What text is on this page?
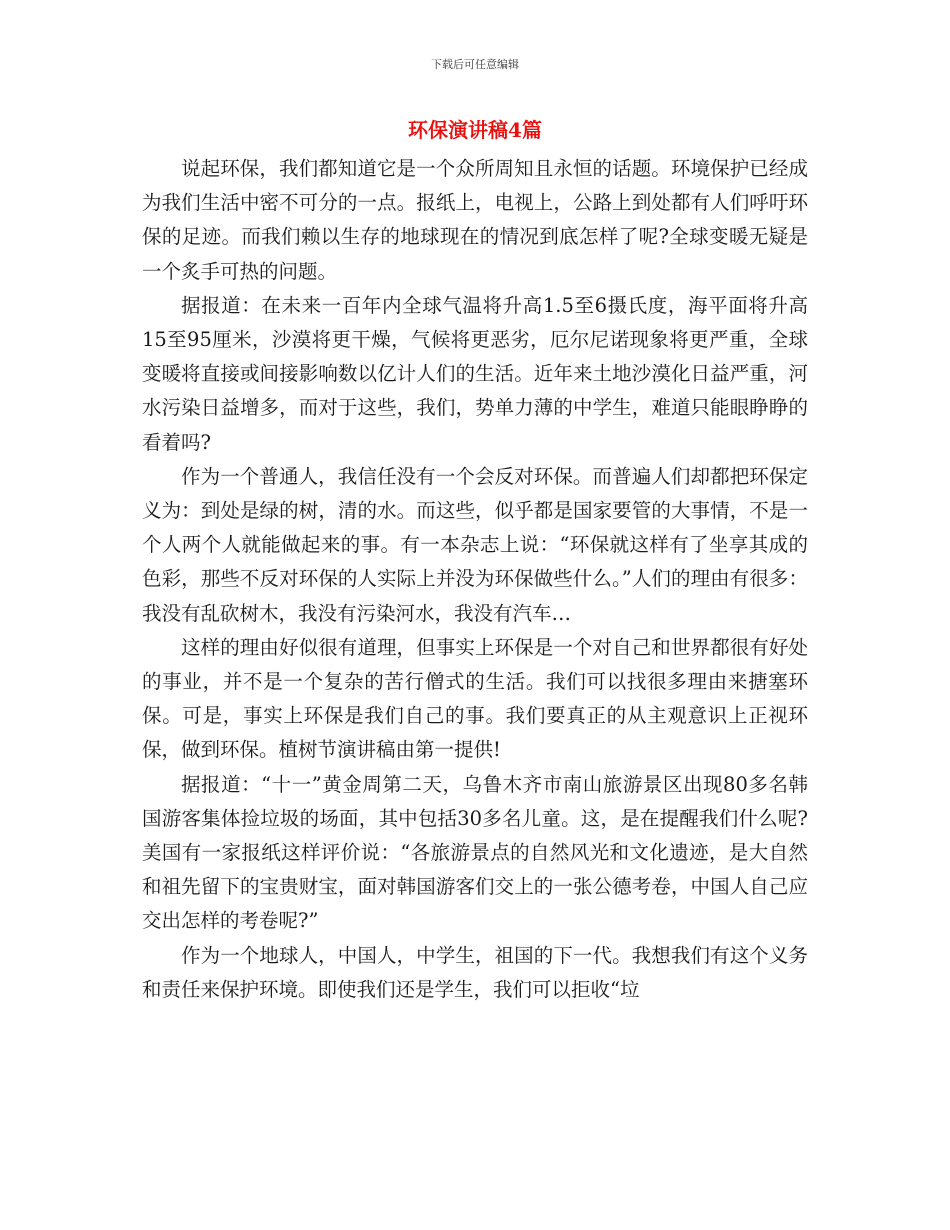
下载后可任意编辑
环保演讲稿4篇

说起环保，我们都知道它是一个众所周知且永恒的话题。环境保护已经成为我们生活中密不可分的一点。报纸上，电视上，公路上到处都有人们呼吁环保的足迹。而我们赖以生存的地球现在的情况到底怎样了呢?全球变暖无疑是一个炙手可热的问题。

据报道：在未来一百年内全球气温将升高1.5至6摄氏度，海平面将升高15至95厘米，沙漠将更干燥，气候将更恶劣，厄尔尼诺现象将更严重，全球变暖将直接或间接影响数以亿计人们的生活。近年来土地沙漠化日益严重，河水污染日益增多，而对于这些，我们，势单力薄的中学生，难道只能眼睁睁的看着吗?

作为一个普通人，我信任没有一个会反对环保。而普遍人们却都把环保定义为：到处是绿的树，清的水。而这些，似乎都是国家要管的大事情，不是一个人两个人就能做起来的事。有一本杂志上说：“环保就这样有了坐享其成的色彩，那些不反对环保的人实际上并没为环保做些什么。”人们的理由有很多：我没有乱砍树木，我没有污染河水，我没有汽车…

这样的理由好似很有道理，但事实上环保是一个对自己和世界都很有好处的事业，并不是一个复杂的苦行僧式的生活。我们可以找很多理由来搪塞环保。可是，事实上环保是我们自己的事。我们要真正的从主观意识上正视环保，做到环保。植树节演讲稿由第一提供!

据报道：“十一”黄金周第二天，乌鲁木齐市南山旅游景区出现80多名韩国游客集体捡垃圾的场面，其中包括30多名儿童。这，是在提醒我们什么呢?美国有一家报纸这样评价说：“各旅游景点的自然风光和文化遗迹，是大自然和祖先留下的宝贵财宝，面对韩国游客们交上的一张公德考卷，中国人自己应交出怎样的考卷呢?”

作为一个地球人，中国人，中学生，祖国的下一代。我想我们有这个义务和责任来保护环境。即使我们还是学生，我们可以拒收“垃
